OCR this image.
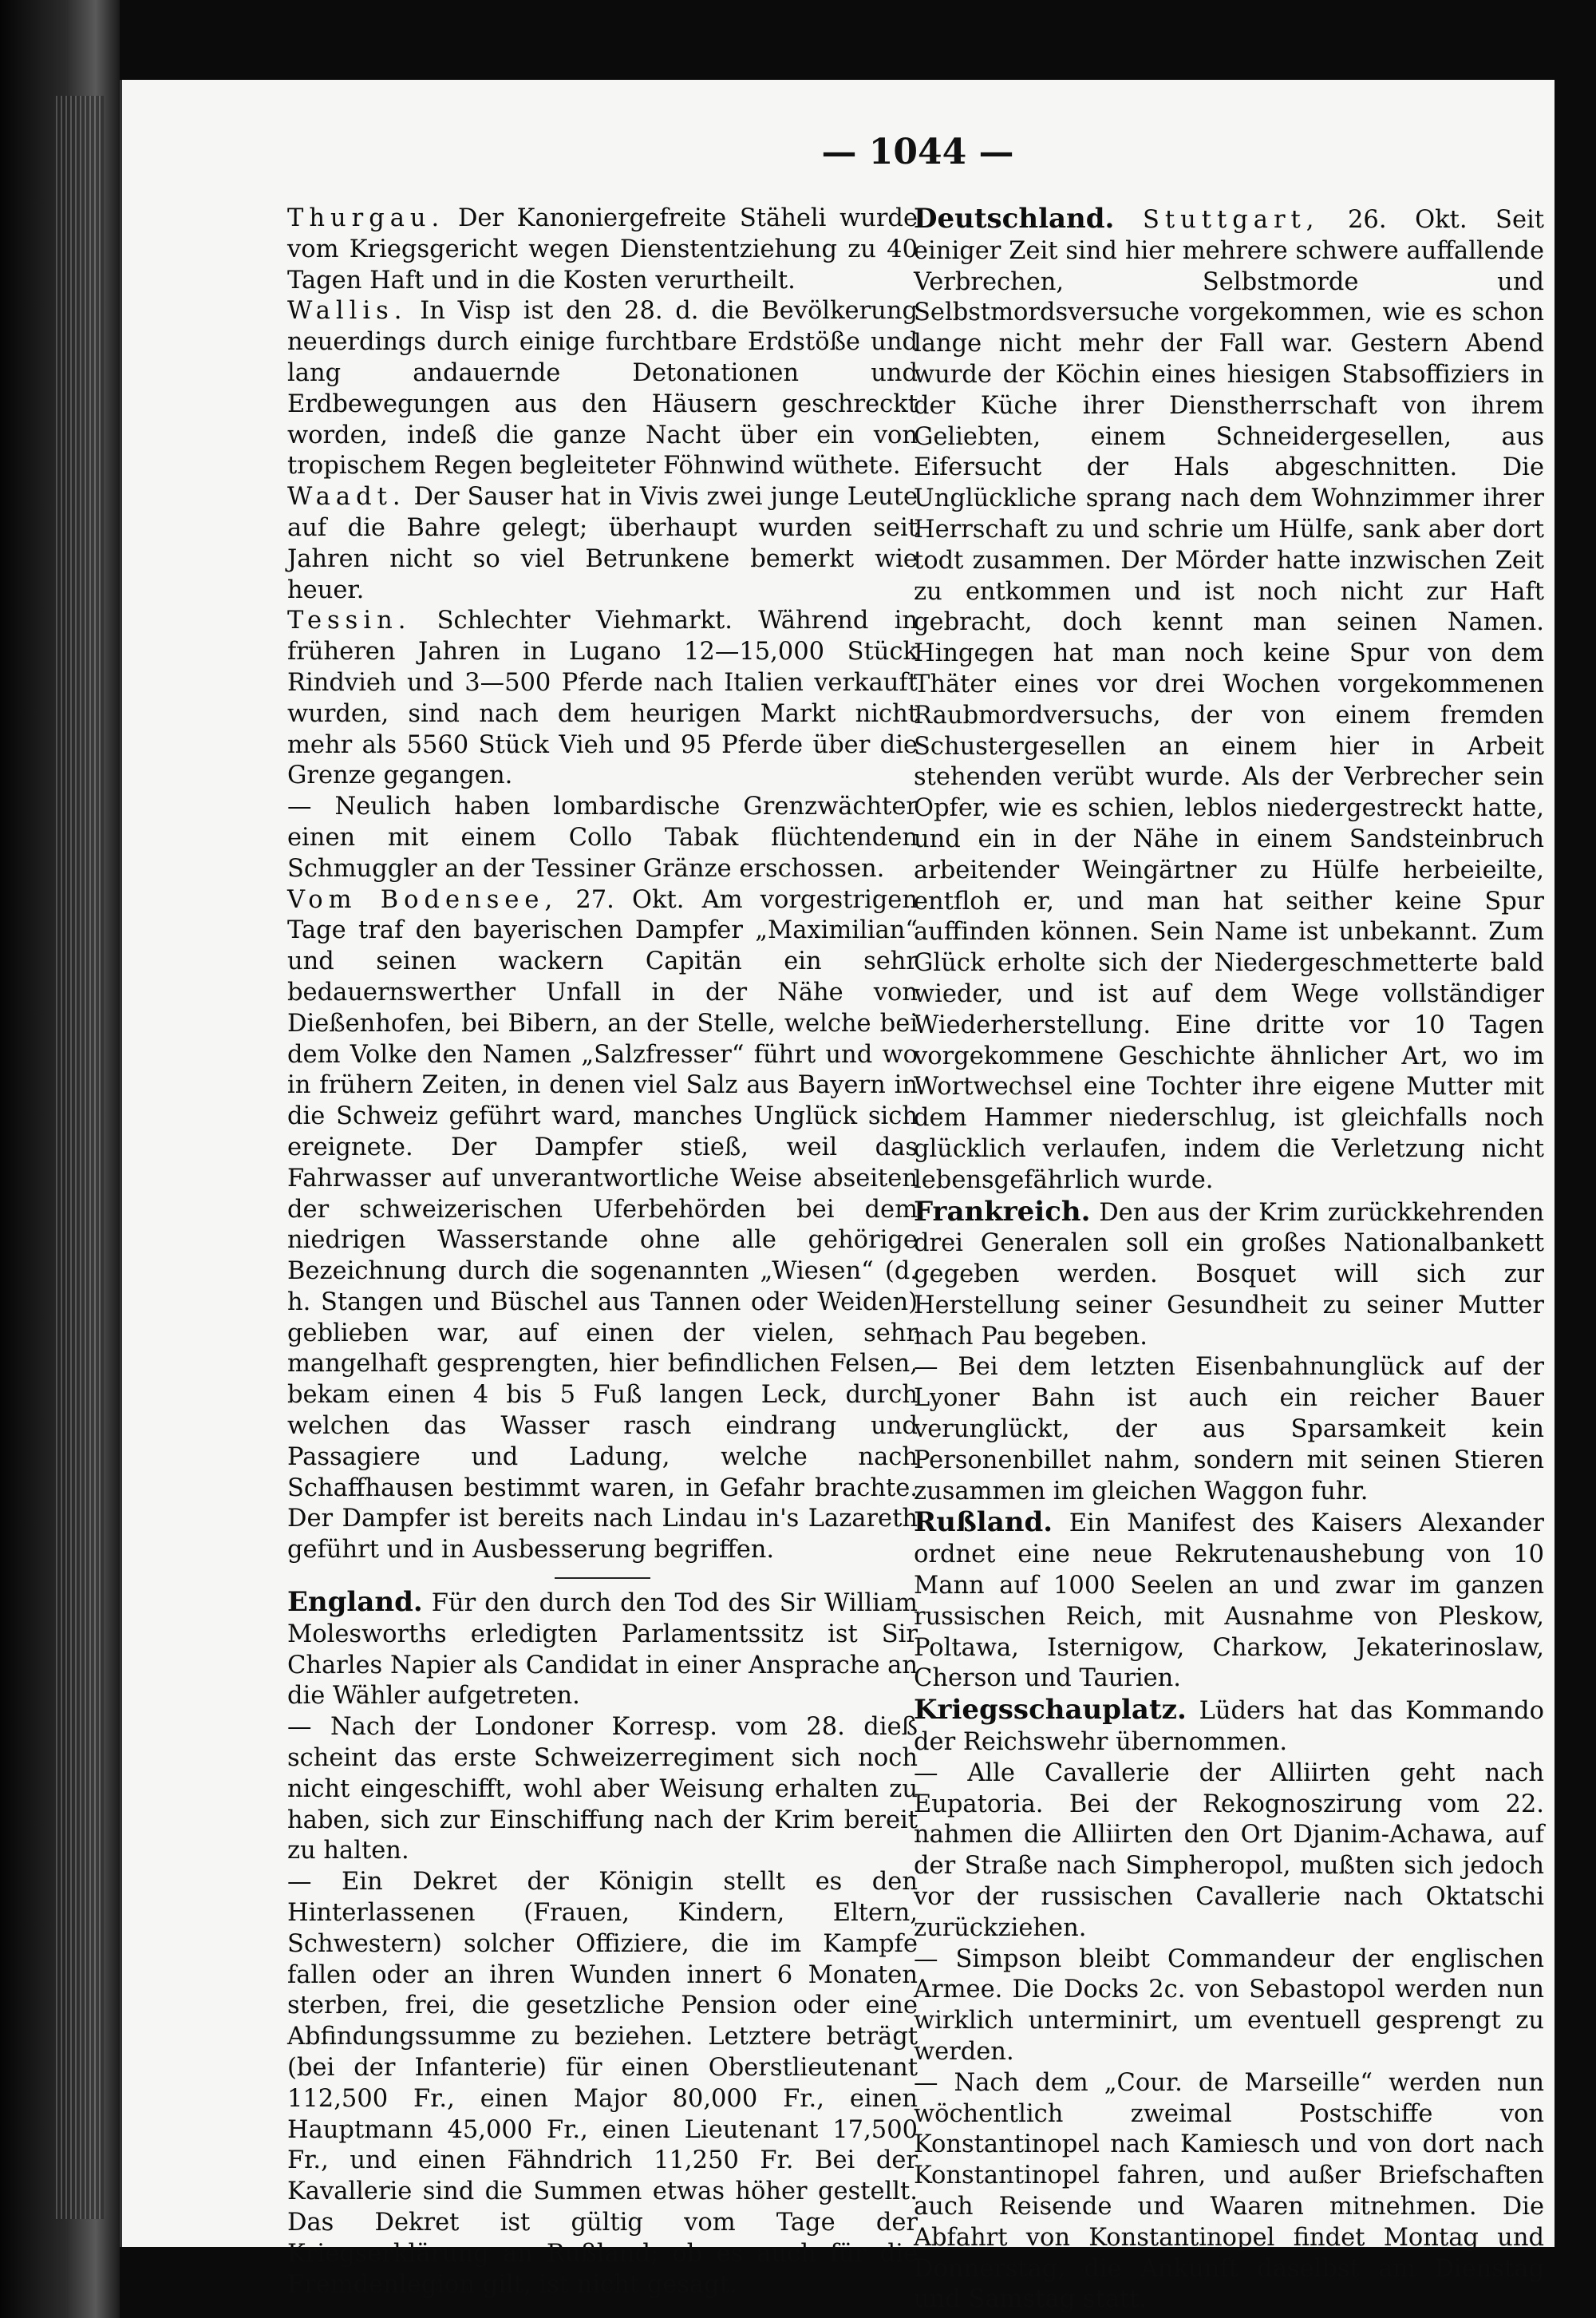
— 1044 —

Thurgau. Der Kanoniergefreite Stäheli wurde vom Kriegsgericht wegen Dienstentziehung zu 40 Tagen Haft und in die Kosten verurtheilt.

Wallis. In Visp ist den 28. d. die Bevölkerung neuerdings durch einige furchtbare Erdstöße und lang andauernde Detonationen und Erdbewegungen aus den Häusern geschreckt worden, indeß die ganze Nacht über ein von tropischem Regen begleiteter Föhnwind wüthete.

Waadt. Der Sauser hat in Vivis zwei junge Leute auf die Bahre gelegt; überhaupt wurden seit Jahren nicht so viel Betrunkene bemerkt wie heuer.

Tessin. Schlechter Viehmarkt. Während in früheren Jahren in Lugano 12—15,000 Stück Rindvieh und 3—500 Pferde nach Italien verkauft wurden, sind nach dem heurigen Markt nicht mehr als 5560 Stück Vieh und 95 Pferde über die Grenze gegangen.

— Neulich haben lombardische Grenzwächter einen mit einem Collo Tabak flüchtenden Schmuggler an der Tessiner Gränze erschossen.

Vom Bodensee, 27. Okt. Am vorgestrigen Tage traf den bayerischen Dampfer „Maximilian“ und seinen wackern Capitän ein sehr bedauernswerther Unfall in der Nähe von Dießenhofen, bei Bibern, an der Stelle, welche bei dem Volke den Namen „Salzfresser“ führt und wo in frühern Zeiten, in denen viel Salz aus Bayern in die Schweiz geführt ward, manches Unglück sich ereignete. Der Dampfer stieß, weil das Fahrwasser auf unverantwortliche Weise abseiten der schweizerischen Uferbehörden bei dem niedrigen Wasserstande ohne alle gehörige Bezeichnung durch die sogenannten „Wiesen“ (d. h. Stangen und Büschel aus Tannen oder Weiden) geblieben war, auf einen der vielen, sehr mangelhaft gesprengten, hier befindlichen Felsen, bekam einen 4 bis 5 Fuß langen Leck, durch welchen das Wasser rasch eindrang und Passagiere und Ladung, welche nach Schaffhausen bestimmt waren, in Gefahr brachte. Der Dampfer ist bereits nach Lindau in's Lazareth geführt und in Ausbesserung begriffen.

England. Für den durch den Tod des Sir William Molesworths erledigten Parlamentssitz ist Sir Charles Napier als Candidat in einer Ansprache an die Wähler aufgetreten.

— Nach der Londoner Korresp. vom 28. dieß scheint das erste Schweizerregiment sich noch nicht eingeschifft, wohl aber Weisung erhalten zu haben, sich zur Einschiffung nach der Krim bereit zu halten.

— Ein Dekret der Königin stellt es den Hinterlassenen (Frauen, Kindern, Eltern, Schwestern) solcher Offiziere, die im Kampfe fallen oder an ihren Wunden innert 6 Monaten sterben, frei, die gesetzliche Pension oder eine Abfindungssumme zu beziehen. Letztere beträgt (bei der Infanterie) für einen Oberstlieutenant 112,500 Fr., einen Major 80,000 Fr., einen Hauptmann 45,000 Fr., einen Lieutenant 17,500 Fr., und einen Fähndrich 11,250 Fr. Bei der Kavallerie sind die Summen etwas höher gestellt. Das Dekret ist gültig vom Tage der Kriegserklärung an Rußland; ob es auch für die Fremdenlegion gilt, ist nicht gesagt.

Deutschland. Stuttgart, 26. Okt. Seit einiger Zeit sind hier mehrere schwere auffallende Verbrechen, Selbstmorde und Selbstmordsversuche vorgekommen, wie es schon lange nicht mehr der Fall war. Gestern Abend wurde der Köchin eines hiesigen Stabsoffiziers in der Küche ihrer Dienstherrschaft von ihrem Geliebten, einem Schneidergesellen, aus Eifersucht der Hals abgeschnitten. Die Unglückliche sprang nach dem Wohnzimmer ihrer Herrschaft zu und schrie um Hülfe, sank aber dort todt zusammen. Der Mörder hatte inzwischen Zeit zu entkommen und ist noch nicht zur Haft gebracht, doch kennt man seinen Namen. Hingegen hat man noch keine Spur von dem Thäter eines vor drei Wochen vorgekommenen Raubmordversuchs, der von einem fremden Schustergesellen an einem hier in Arbeit stehenden verübt wurde. Als der Verbrecher sein Opfer, wie es schien, leblos niedergestreckt hatte, und ein in der Nähe in einem Sandsteinbruch arbeitender Weingärtner zu Hülfe herbeieilte, entfloh er, und man hat seither keine Spur auffinden können. Sein Name ist unbekannt. Zum Glück erholte sich der Niedergeschmetterte bald wieder, und ist auf dem Wege vollständiger Wiederherstellung. Eine dritte vor 10 Tagen vorgekommene Geschichte ähnlicher Art, wo im Wortwechsel eine Tochter ihre eigene Mutter mit dem Hammer niederschlug, ist gleichfalls noch glücklich verlaufen, indem die Verletzung nicht lebensgefährlich wurde.

Frankreich. Den aus der Krim zurückkehrenden drei Generalen soll ein großes Nationalbankett gegeben werden. Bosquet will sich zur Herstellung seiner Gesundheit zu seiner Mutter nach Pau begeben.

— Bei dem letzten Eisenbahnunglück auf der Lyoner Bahn ist auch ein reicher Bauer verunglückt, der aus Sparsamkeit kein Personenbillet nahm, sondern mit seinen Stieren zusammen im gleichen Waggon fuhr.

Rußland. Ein Manifest des Kaisers Alexander ordnet eine neue Rekrutenaushebung von 10 Mann auf 1000 Seelen an und zwar im ganzen russischen Reich, mit Ausnahme von Pleskow, Poltawa, Isternigow, Charkow, Jekaterinoslaw, Cherson und Taurien.

Kriegsschauplatz. Lüders hat das Kommando der Reichswehr übernommen.

— Alle Cavallerie der Alliirten geht nach Eupatoria. Bei der Rekognoszirung vom 22. nahmen die Alliirten den Ort Djanim-Achawa, auf der Straße nach Simpheropol, mußten sich jedoch vor der russischen Cavallerie nach Oktatschi zurückziehen.

— Simpson bleibt Commandeur der englischen Armee. Die Docks 2c. von Sebastopol werden nun wirklich unterminirt, um eventuell gesprengt zu werden.

— Nach dem „Cour. de Marseille“ werden nun wöchentlich zweimal Postschiffe von Konstantinopel nach Kamiesch und von dort nach Konstantinopel fahren, und außer Briefschaften auch Reisende und Waaren mitnehmen. Die Abfahrt von Konstantinopel findet Montag und Donnerstag, die Ankunft daselbst am Dienstag und Samstag statt.
